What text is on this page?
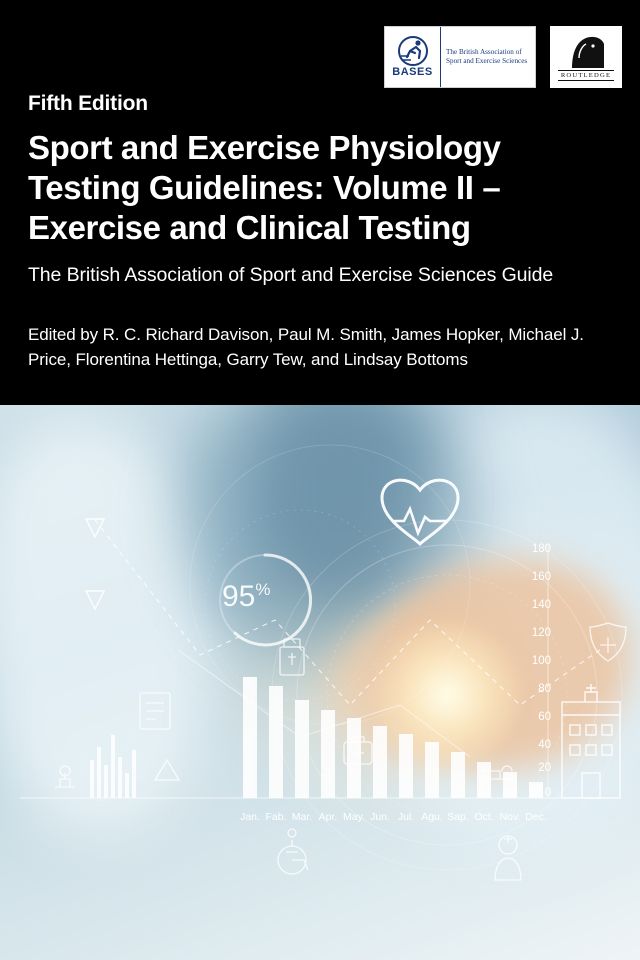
BASES
The British Association of
Sport and Exercise Sciences
ROUTLEDGE
Fifth Edition
Sport and Exercise Physiology Testing Guidelines: Volume II – Exercise and Clinical Testing
The British Association of Sport and Exercise Sciences Guide
Edited by R. C. Richard Davison, Paul M. Smith, James Hopker, Michael J. Price, Florentina Hettinga, Garry Tew, and Lindsay Bottoms
95%
180
160
140
120
100
80
60
40
20
0
Jan. Fab. Mar. Apr. May. Jun. Jul. Agu. Sap. Oct. Nov. Dec.
